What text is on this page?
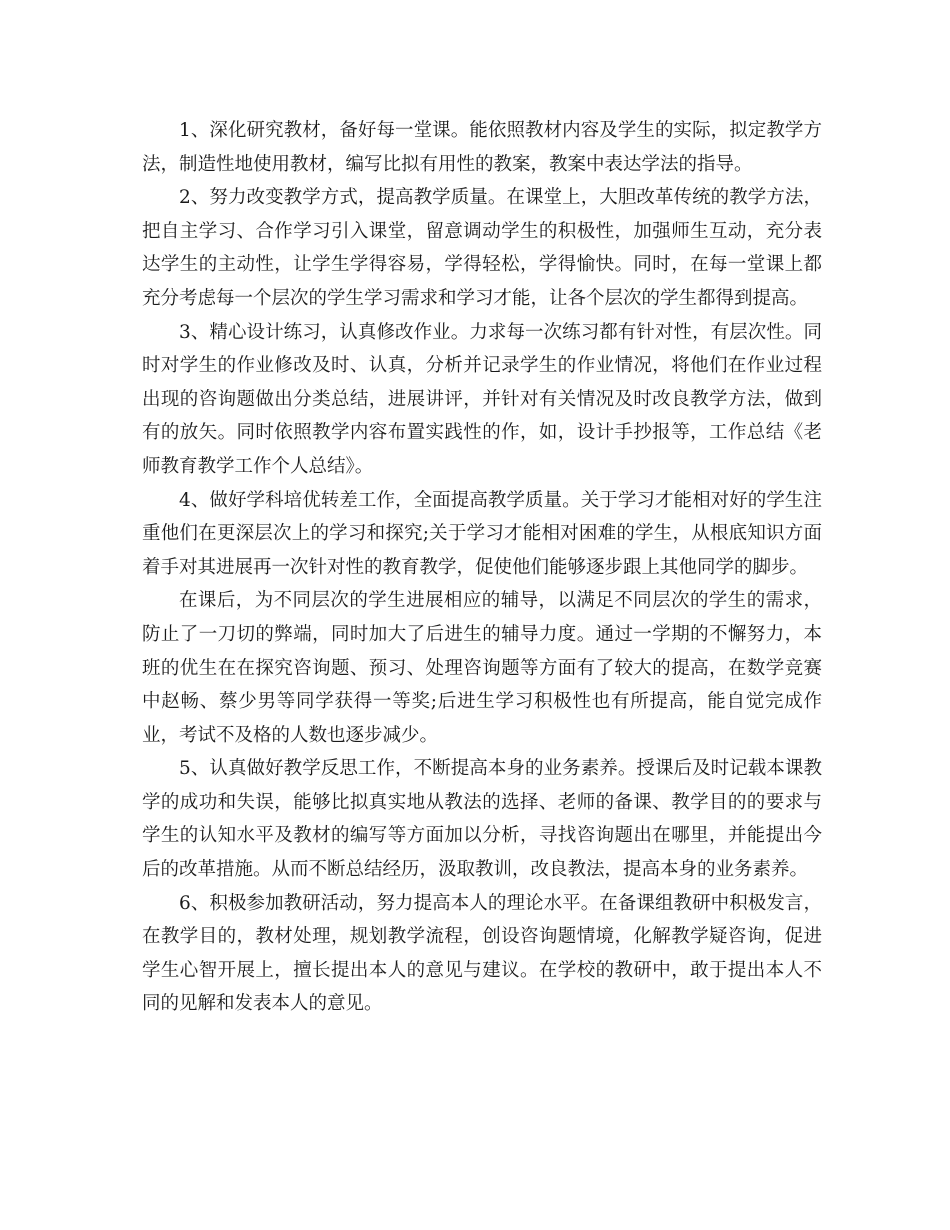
1、深化研究教材，备好每一堂课。能依照教材内容及学生的实际，拟定教学方法，制造性地使用教材，编写比拟有用性的教案，教案中表达学法的指导。

2、努力改变教学方式，提高教学质量。在课堂上，大胆改革传统的教学方法，把自主学习、合作学习引入课堂，留意调动学生的积极性，加强师生互动，充分表达学生的主动性，让学生学得容易，学得轻松，学得愉快。同时，在每一堂课上都充分考虑每一个层次的学生学习需求和学习才能，让各个层次的学生都得到提高。

3、精心设计练习，认真修改作业。力求每一次练习都有针对性，有层次性。同时对学生的作业修改及时、认真，分析并记录学生的作业情况，将他们在作业过程出现的咨询题做出分类总结，进展讲评，并针对有关情况及时改良教学方法，做到有的放矢。同时依照教学内容布置实践性的作，如，设计手抄报等，工作总结《老师教育教学工作个人总结》。

4、做好学科培优转差工作，全面提高教学质量。关于学习才能相对好的学生注重他们在更深层次上的学习和探究;关于学习才能相对困难的学生，从根底知识方面着手对其进展再一次针对性的教育教学，促使他们能够逐步跟上其他同学的脚步。

在课后，为不同层次的学生进展相应的辅导，以满足不同层次的学生的需求，防止了一刀切的弊端，同时加大了后进生的辅导力度。通过一学期的不懈努力，本班的优生在在探究咨询题、预习、处理咨询题等方面有了较大的提高，在数学竞赛中赵畅、蔡少男等同学获得一等奖;后进生学习积极性也有所提高，能自觉完成作业，考试不及格的人数也逐步减少。

5、认真做好教学反思工作，不断提高本身的业务素养。授课后及时记载本课教学的成功和失误，能够比拟真实地从教法的选择、老师的备课、教学目的的要求与学生的认知水平及教材的编写等方面加以分析，寻找咨询题出在哪里，并能提出今后的改革措施。从而不断总结经历，汲取教训，改良教法，提高本身的业务素养。

6、积极参加教研活动，努力提高本人的理论水平。在备课组教研中积极发言，在教学目的，教材处理，规划教学流程，创设咨询题情境，化解教学疑咨询，促进学生心智开展上，擅长提出本人的意见与建议。在学校的教研中，敢于提出本人不同的见解和发表本人的意见。
